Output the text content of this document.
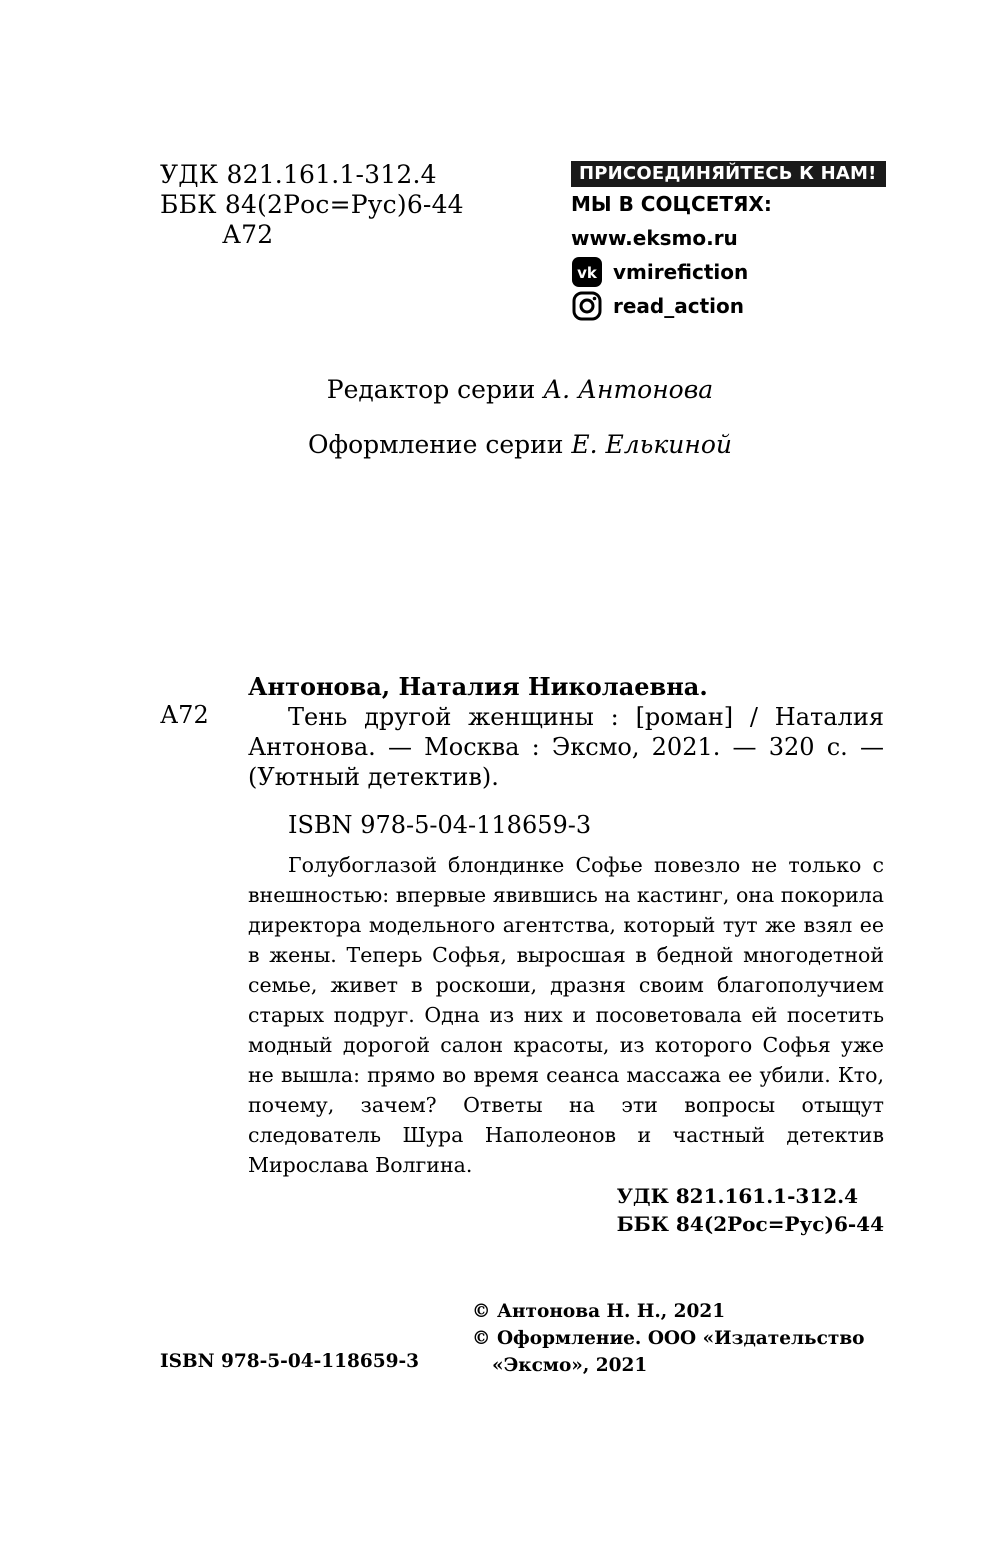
УДК 821.161.1-312.4
ББК 84(2Рос=Рус)6-44
А72
ПРИСОЕДИНЯЙТЕСЬ К НАМ!
МЫ В СОЦСЕТЯХ:
www.eksmo.ru
vk vmirefiction
read_action
Редактор серии А. Антонова
Оформление серии Е. Елькиной
А72
Антонова, Наталия Николаевна.
Тень другой женщины : [роман] / Наталия
Антонова. — Москва : Эксмо, 2021. — 320 с. —
(Уютный детектив).
ISBN 978-5-04-118659-3

Голубоглазой блондинке Софье повезло не только с внешностью: впервые явившись на кастинг, она покорила директора модельного агентства, который тут же взял ее в жены. Теперь Софья, выросшая в бедной многодетной семье, живет в роскоши, дразня своим благополучием старых подруг. Одна из них и посоветовала ей посетить модный дорогой салон красоты, из которого Софья уже не вышла: прямо во время сеанса массажа ее убили. Кто, почему, зачем? Ответы на эти вопросы отыщут следователь Шура Наполеонов и частный детектив Мирослава Волгина.

УДК 821.161.1-312.4
ББК 84(2Рос=Рус)6-44
© Антонова Н. Н., 2021
© Оформление. ООО «Издательство
«Эксмо», 2021
ISBN 978-5-04-118659-3
